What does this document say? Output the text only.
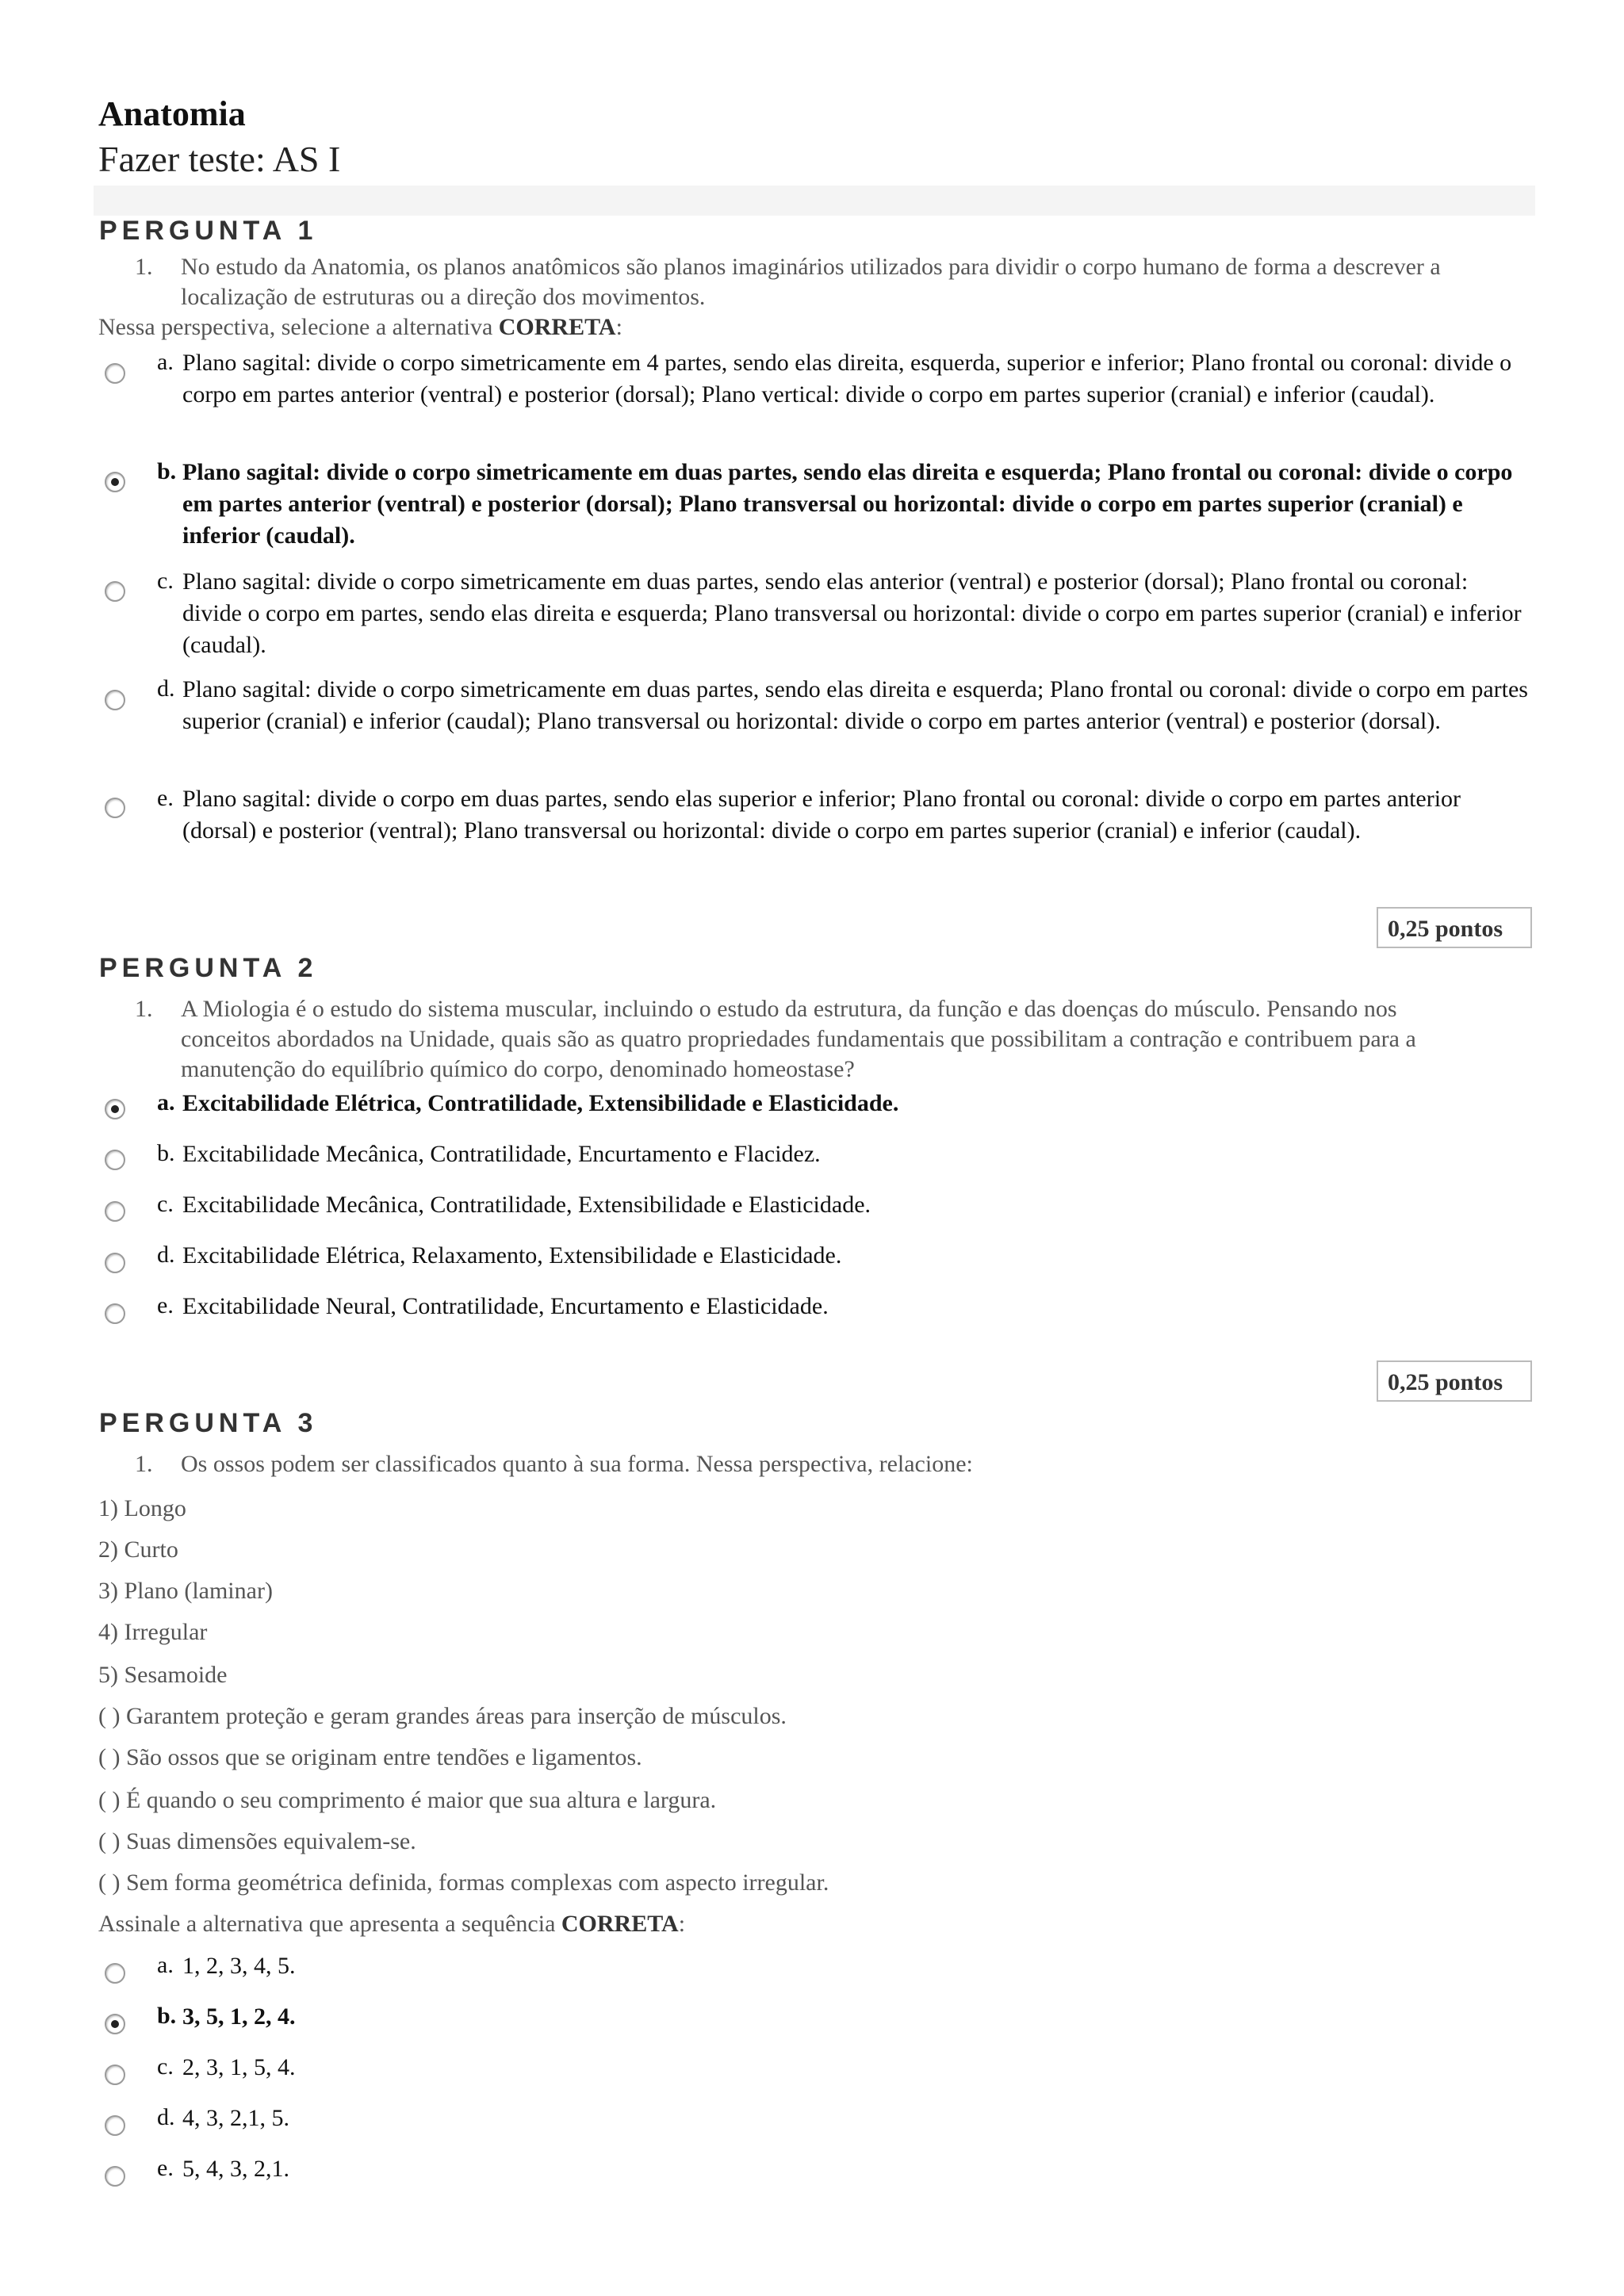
Anatomia
Fazer teste: AS I
PERGUNTA 1
1. No estudo da Anatomia, os planos anatômicos são planos imaginários utilizados para dividir o corpo humano de forma a descrever a localização de estruturas ou a direção dos movimentos.
Nessa perspectiva, selecione a alternativa CORRETA:
a. Plano sagital: divide o corpo simetricamente em 4 partes, sendo elas direita, esquerda, superior e inferior; Plano frontal ou coronal: divide o corpo em partes anterior (ventral) e posterior (dorsal); Plano vertical: divide o corpo em partes superior (cranial) e inferior (caudal).
b. Plano sagital: divide o corpo simetricamente em duas partes, sendo elas direita e esquerda; Plano frontal ou coronal: divide o corpo em partes anterior (ventral) e posterior (dorsal); Plano transversal ou horizontal: divide o corpo em partes superior (cranial) e inferior (caudal).
c. Plano sagital: divide o corpo simetricamente em duas partes, sendo elas anterior (ventral) e posterior (dorsal); Plano frontal ou coronal: divide o corpo em partes, sendo elas direita e esquerda; Plano transversal ou horizontal: divide o corpo em partes superior (cranial) e inferior (caudal).
d. Plano sagital: divide o corpo simetricamente em duas partes, sendo elas direita e esquerda; Plano frontal ou coronal: divide o corpo em partes superior (cranial) e inferior (caudal); Plano transversal ou horizontal: divide o corpo em partes anterior (ventral) e posterior (dorsal).
e. Plano sagital: divide o corpo em duas partes, sendo elas superior e inferior; Plano frontal ou coronal: divide o corpo em partes anterior (dorsal) e posterior (ventral); Plano transversal ou horizontal: divide o corpo em partes superior (cranial) e inferior (caudal).
0,25 pontos
PERGUNTA 2
1. A Miologia é o estudo do sistema muscular, incluindo o estudo da estrutura, da função e das doenças do músculo. Pensando nos conceitos abordados na Unidade, quais são as quatro propriedades fundamentais que possibilitam a contração e contribuem para a manutenção do equilíbrio químico do corpo, denominado homeostase?
a. Excitabilidade Elétrica, Contratilidade, Extensibilidade e Elasticidade.
b. Excitabilidade Mecânica, Contratilidade, Encurtamento e Flacidez.
c. Excitabilidade Mecânica, Contratilidade, Extensibilidade e Elasticidade.
d. Excitabilidade Elétrica, Relaxamento, Extensibilidade e Elasticidade.
e. Excitabilidade Neural, Contratilidade, Encurtamento e Elasticidade.
0,25 pontos
PERGUNTA 3
1. Os ossos podem ser classificados quanto à sua forma. Nessa perspectiva, relacione:
1) Longo
2) Curto
3) Plano (laminar)
4) Irregular
5) Sesamoide
( ) Garantem proteção e geram grandes áreas para inserção de músculos.
( ) São ossos que se originam entre tendões e ligamentos.
( ) É quando o seu comprimento é maior que sua altura e largura.
( ) Suas dimensões equivalem-se.
( ) Sem forma geométrica definida, formas complexas com aspecto irregular.
Assinale a alternativa que apresenta a sequência CORRETA:
a. 1, 2, 3, 4, 5.
b. 3, 5, 1, 2, 4.
c. 2, 3, 1, 5, 4.
d. 4, 3, 2,1, 5.
e. 5, 4, 3, 2,1.
